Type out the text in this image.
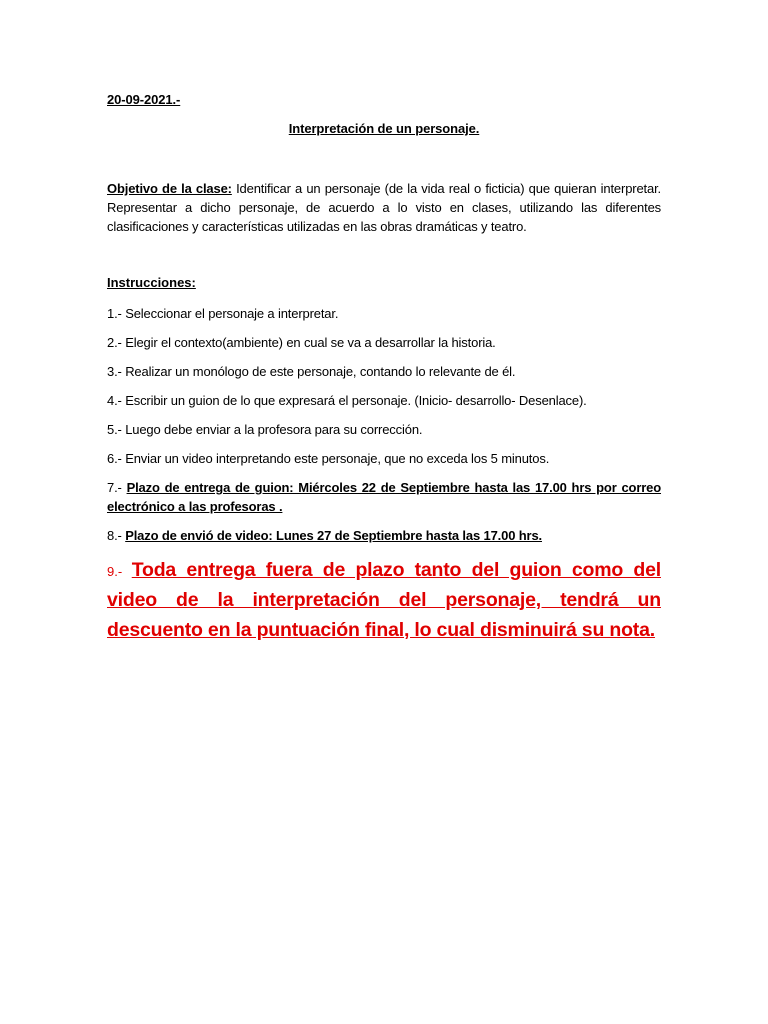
20-09-2021.-
Interpretación de un personaje.
Objetivo de la clase: Identificar a un personaje (de la vida real o ficticia) que quieran interpretar. Representar a dicho personaje, de acuerdo a lo visto en clases, utilizando las diferentes clasificaciones y características utilizadas en las obras dramáticas y teatro.
Instrucciones:
1.- Seleccionar el personaje a interpretar.
2.- Elegir el contexto(ambiente) en cual se va a desarrollar la historia.
3.- Realizar un monólogo de este personaje, contando lo relevante de él.
4.- Escribir un guion de lo que expresará el personaje. (Inicio- desarrollo- Desenlace).
5.- Luego debe enviar a la profesora para su corrección.
6.- Enviar un video interpretando este personaje, que no exceda los 5 minutos.
7.- Plazo de entrega de guion: Miércoles 22 de Septiembre hasta las 17.00 hrs por correo electrónico a las profesoras .
8.- Plazo de envió de video: Lunes 27 de Septiembre hasta las 17.00 hrs.
9.- Toda entrega fuera de plazo tanto del guion como del video de la interpretación del personaje, tendrá un descuento en la puntuación final, lo cual disminuirá su nota.
